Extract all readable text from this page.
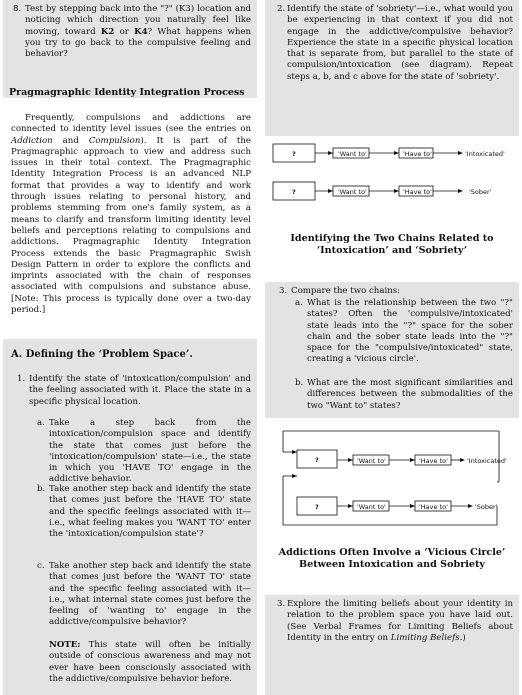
8. Test by stepping back into the "?" (K3) location and noticing which direction you naturally feel like moving, toward K2 or K4? What happens when you try to go back to the compulsive feeling and behavior?

Pragmagraphic Identity Integration Process

Frequently, compulsions and addictions are connected to identity level issues (see the entries on Addiction and Compulsion). It is part of the Pragmagraphic approach to view and address such issues in their total context. The Pragmagraphic Identity Integration Process is an advanced NLP format that provides a way to identify and work through issues relating to personal history, and problems stemming from one's family system, as a means to clarify and transform limiting identity level beliefs and perceptions relating to compulsions and addictions. Pragmagraphic Identity Integration Process extends the basic Pragmagraphic Swish Design Pattern in order to explore the conflicts and imprints associated with the chain of responses associated with compulsions and substance abuse. [Note: This process is typically done over a two-day period.]

A. Defining the ‘Problem Space’.
1. Identify the state of 'intoxication/compulsion' and the feeling associated with it. Place the state in a specific physical location.

a. Take a step back from the intoxication/compulsion space and identify the state that comes just before the 'intoxication/compulsion' state—i.e., the state in which you 'HAVE TO' engage in the addictive behavior.

b. Take another step back and identify the state that comes just before the 'HAVE TO' state and the specific feelings associated with it—i.e., what feeling makes you 'WANT TO' enter the 'intoxication/compulsion state'?

c. Take another step back and identify the state that comes just before the 'WANT TO' state and the specific feeling associated with it—i.e., what internal state comes just before the feeling of 'wanting to' engage in the addictive/compulsive behavior?

NOTE: This state will often be initially outside of conscious awareness and may not ever have been consciously associated with the addictive/compulsive behavior before.

2. Identify the state of 'sobriety'—i.e., what would you be experiencing in that context if you did not engage in the addictive/compulsive behavior? Experience the state in a specific physical location that is separate from, but parallel to the state of compulsion/intoxication (see diagram). Repeat steps a, b, and c above for the state of 'sobriety'.

?	'Want to'	'Have to'	'Intoxicated'
?	'Want to'	'Have to'	'Sober'
Identifying the Two Chains Related to
‘Intoxication’ and ‘Sobriety’
3. Compare the two chains:

a. What is the relationship between the two "?" states? Often the 'compulsive/intoxicated' state leads into the "?" space for the sober chain and the sober state leads into the "?" space for the "compulsive/intoxicated" state, creating a 'vicious circle'.

b. What are the most significant similarities and differences between the submodalities of the two "Want to" states?

?	'Want to'	'Have to'	'Intoxicated'
?	'Want to'	'Have to'	'Sober'
Addictions Often Involve a ‘Vicious Circle’
Between Intoxication and Sobriety
3. Explore the limiting beliefs about your identity in relation to the problem space you have laid out. (See Verbal Frames for Limiting Beliefs about Identity in the entry on Limiting Beliefs.)
